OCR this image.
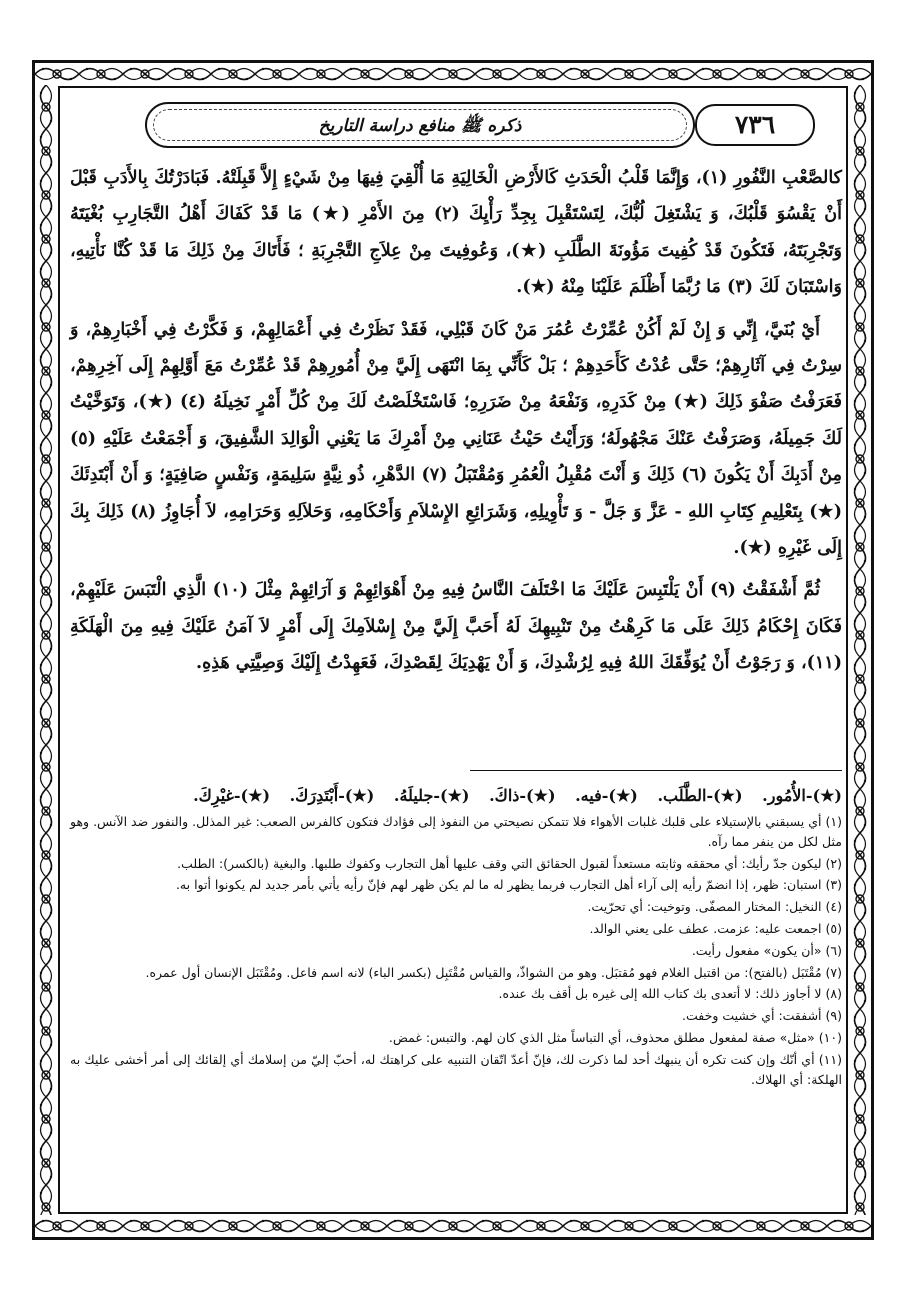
ذكره ﷺ منافع دراسة التاريخ	٧٣٦

كالصَّعْبِ النَّفُورِ (١)، وَإِنَّمَا قَلْبُ الْحَدَثِ كَالأَرْضِ الْخَالِيَةِ مَا أُلْقِيَ فِيهَا مِنْ شَيْءٍ إِلاَّ قَبِلَتْهُ. فَبَادَرْتُكَ بِالأَدَبِ قَبْلَ أَنْ يَقْسُوَ قَلْبُكَ، وَ يَشْتَغِلَ لُبُّكَ، لِتَسْتَقْبِلَ بِجِدِّ رَأْيِكَ (٢) مِنَ الأَمْرِ (★) مَا قَدْ كَفَاكَ أَهْلُ التَّجَارِبِ بُغْيَتَهُ وَتَجْرِبَتَهُ، فَتَكُونَ قَدْ كُفِيتَ مَؤُونَةَ الطَّلَبِ (★)، وَعُوفِيتَ مِنْ عِلاَجِ التَّجْرِبَةِ ؛ فَأَتَاكَ مِنْ ذَلِكَ مَا قَدْ كُنَّا نَأْتِيهِ، وَاسْتَبَانَ لَكَ (٣) مَا رُبَّمَا أَظْلَمَ عَلَيْنَا مِنْهُ (★).

أَيْ بُنَيَّ، إِنِّي وَ إِنْ لَمْ أَكُنْ عُمِّرْتُ عُمُرَ مَنْ كَانَ قَبْلِي، فَقَدْ نَظَرْتُ فِي أَعْمَالِهِمْ، وَ فَكَّرْتُ فِي أَخْبَارِهِمْ، وَ سِرْتُ فِي آثَارِهِمْ؛ حَتَّى عُدْتُ كَأَحَدِهِمْ ؛ بَلْ كَأَنِّي بِمَا انْتَهَى إِلَيَّ مِنْ أُمُورِهِمْ قَدْ عُمِّرْتُ مَعَ أَوَّلِهِمْ إِلَى آخِرِهِمْ، فَعَرَفْتُ صَفْوَ ذَلِكَ (★) مِنْ كَدَرِهِ، وَنَفْعَهُ مِنْ ضَرَرِهِ؛ فَاسْتَخْلَصْتُ لَكَ مِنْ كُلِّ أَمْرٍ نَخِيلَهُ (٤) (★)، وَتَوَخَّيْتُ لَكَ جَمِيلَهُ، وَصَرَفْتُ عَنْكَ مَجْهُولَهُ؛ وَرَأَيْتُ حَيْثُ عَنَانِي مِنْ أَمْرِكَ مَا يَعْنِي الْوَالِدَ الشَّفِيقَ، وَ أَجْمَعْتُ عَلَيْهِ (٥) مِنْ أَدَبِكَ أَنْ يَكُونَ (٦) ذَلِكَ وَ أَنْتَ مُقْبِلُ الْعُمُرِ وَمُقْتَبَلُ (٧) الدَّهْرِ، ذُو نِيَّةٍ سَلِيمَةٍ، وَنَفْسٍ صَافِيَةٍ؛ وَ أَنْ أَبْتَدِئَكَ (★) بِتَعْلِيمِ كِتَابِ اللهِ - عَزَّ وَ جَلَّ - وَ تَأْوِيلِهِ، وَشَرَائِعِ الإِسْلاَمِ وَأَحْكَامِهِ، وَحَلاَلِهِ وَحَرَامِهِ، لاَ أُجَاوِزُ (٨) ذَلِكَ بِكَ إِلَى غَيْرِهِ (★).

ثُمَّ أَشْفَقْتُ (٩) أَنْ يَلْتَبِسَ عَلَيْكَ مَا اخْتَلَفَ النَّاسُ فِيهِ مِنْ أَهْوَائِهِمْ وَ آرَائِهِمْ مِثْلَ (١٠) الَّذِي الْتَبَسَ عَلَيْهِمْ، فَكَانَ إِحْكَامُ ذَلِكَ عَلَى مَا كَرِهْتُ مِنْ تَنْبِيهِكَ لَهُ أَحَبَّ إِلَيَّ مِنْ إِسْلاَمِكَ إِلَى أَمْرٍ لاَ آمَنُ عَلَيْكَ فِيهِ مِنَ الْهَلَكَةِ (١١)، وَ رَجَوْتُ أَنْ يُوَفِّقَكَ اللهُ فِيهِ لِرُشْدِكَ، وَ أَنْ يَهْدِيَكَ لِقَصْدِكَ، فَعَهِدْتُ إِلَيْكَ وَصِيَّتِي هَذِهِ.

(★)-الأُمُور. (★)-الطَّلَب. (★)-فيه. (★)-ذاكَ. (★)-جليلَهُ. (★)-أَبْتَدِرَكَ. (★)-غيْرِكَ.

(١) أي يسبقني بالإستيلاء على قلبك غلبات الأهواء فلا تتمكن نصيحتي من النفوذ إلى فؤادك فتكون كالفرس الصعب: غير المذلل. والنفور ضد الآنس. وهو مثل لكل من ينفر مما رآه.

(٢) ليكون جدّ رأيك: أي محققه وثابته مستعداً لقبول الحقائق التي وقف عليها أهل التجارب وكفوك طلبها. والبغية (بالكسر): الطلب.

(٣) استبان: ظهر، إذا انضمّ رأيه إلى آراء أهل التجارب فربما يظهر له ما لم يكن ظهر لهم فإنّ رأيه يأتي بأمر جديد لم يكونوا أتوا به.

(٤) النخيل: المختار المصفّى. وتوخيت: أي تحرّيت.

(٥) اجمعت عليه: عزمت. عطف على يعني الوالد.

(٦) «أن يكون» مفعول رأيت.

(٧) مُقْتَبَل (بالفتح): من اقتبل الغلام فهو مُقتبَل. وهو من الشواذّ، والقياس مُقْتَبِل (بكسر الباء) لانه اسم فاعل. ومُقْتَبَل الإنسان أول عمره.

(٨) لا أجاوز ذلك: لا أتعدى بك كتاب الله إلى غيره بل أقف بك عنده.

(٩) أشفقت: أي خشيت وخفت.

(١٠) «مثل» صفة لمفعول مطلق محذوف، أي التباساً مثل الذي كان لهم. والتبس: غمض.

(١١) أي أنّك وإن كنت تكره أن ينبهك أحد لما ذكرت لك، فإنّ أعدّ اتّقان التنبيه على كراهتك له، أحبّ إليّ من إسلامك أي إلقائك إلى أمر أخشى عليك به الهلكة: أي الهلاك.
